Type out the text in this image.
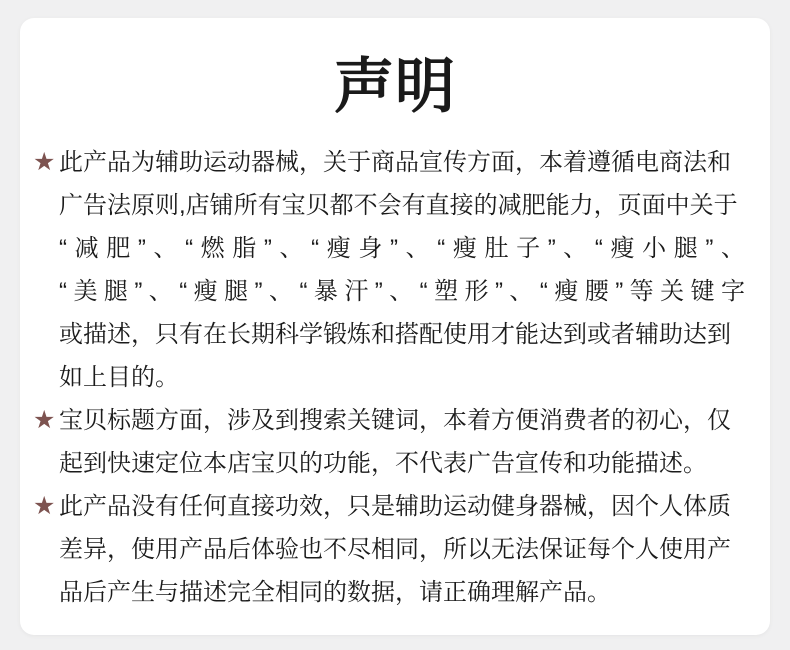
声明
★ 此产品为辅助运动器械，关于商品宣传方面，本着遵循电商法和
广告法原则,店铺所有宝贝都不会有直接的减肥能力，页面中关于
“减肥”、“燃脂”、“瘦身”、“瘦肚子”、“瘦小腿”、
“美腿”、“瘦腿”、“暴汗”、“塑形”、“瘦腰”等关键字
或描述，只有在长期科学锻炼和搭配使用才能达到或者辅助达到
如上目的。
★ 宝贝标题方面，涉及到搜索关键词，本着方便消费者的初心，仅
起到快速定位本店宝贝的功能，不代表广告宣传和功能描述。
★ 此产品没有任何直接功效，只是辅助运动健身器械，因个人体质
差异，使用产品后体验也不尽相同，所以无法保证每个人使用产
品后产生与描述完全相同的数据，请正确理解产品。
